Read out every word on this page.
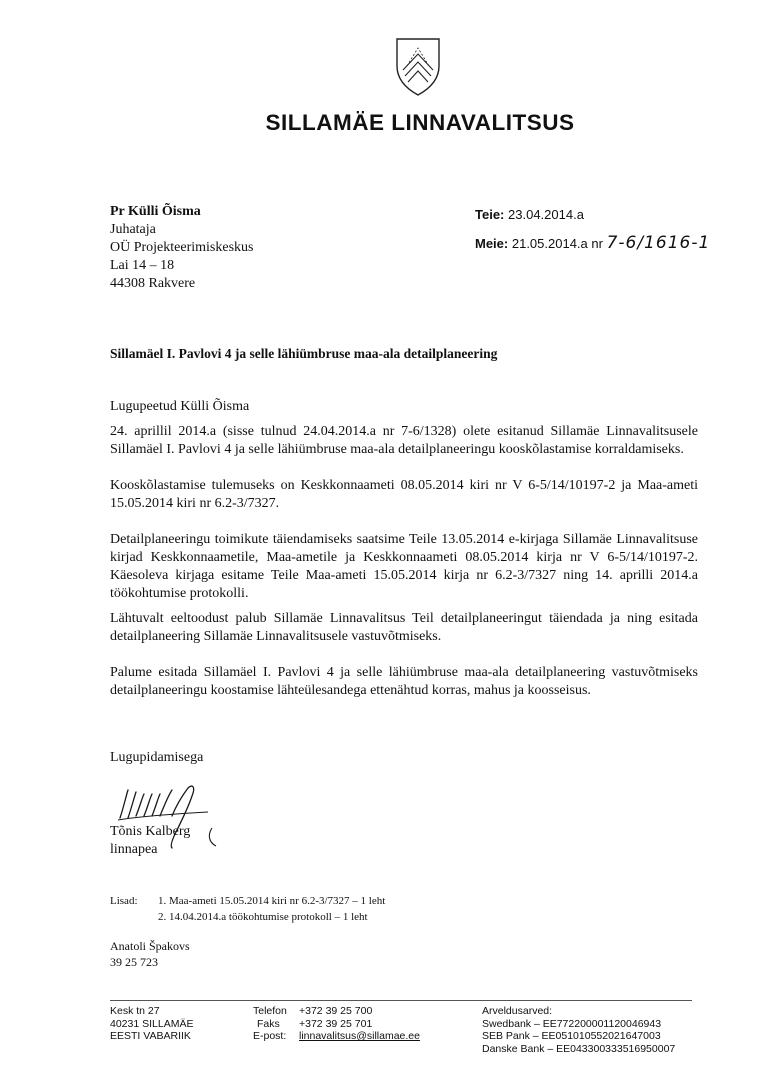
SILLAMÄE LINNAVALITSUS
Pr Külli Õisma
Juhataja
OÜ Projekteerimiskeskus
Lai 14 – 18
44308 Rakvere
Teie: 23.04.2014.a
Meie: 21.05.2014.a nr 7-6/1616-1
Sillamäel I. Pavlovi 4 ja selle lähiümbruse maa-ala detailplaneering

Lugupeetud Külli Õisma

24. aprillil 2014.a (sisse tulnud 24.04.2014.a nr 7-6/1328) olete esitanud Sillamäe Linnavalitsusele Sillamäel I. Pavlovi 4 ja selle lähiümbruse maa-ala detailplaneeringu kooskõlastamise korraldamiseks.

Kooskõlastamise tulemuseks on Keskkonnaameti 08.05.2014 kiri nr V 6-5/14/10197-2 ja Maa-ameti 15.05.2014 kiri nr 6.2-3/7327.

Detailplaneeringu toimikute täiendamiseks saatsime Teile 13.05.2014 e-kirjaga Sillamäe Linnavalitsuse kirjad Keskkonnaametile, Maa-ametile ja Keskkonnaameti 08.05.2014 kirja nr V 6-5/14/10197-2. Käesoleva kirjaga esitame Teile Maa-ameti 15.05.2014 kirja nr 6.2-3/7327 ning 14. aprilli 2014.a töökohtumise protokolli.

Lähtuvalt eeltoodust palub Sillamäe Linnavalitsus Teil detailplaneeringut täiendada ja ning esitada detailplaneering Sillamäe Linnavalitsusele vastuvõtmiseks.

Palume esitada Sillamäel I. Pavlovi 4 ja selle lähiümbruse maa-ala detailplaneering vastuvõtmiseks detailplaneeringu koostamise lähteülesandega ettenähtud korras, mahus ja koosseisus.

Lugupidamisega
Tõnis Kalberg
linnapea
Lisad: 1. Maa-ameti 15.05.2014 kiri nr 6.2-3/7327 – 1 leht
2. 14.04.2014.a töökohtumise protokoll – 1 leht
Anatoli Špakovs
39 25 723
Kesk tn 27
40231 SILLAMÄE
EESTI VABARIIK
Telefon +372 39 25 700
Faks +372 39 25 701
E-post: linnavalitsus@sillamae.ee
Arveldusarved:
Swedbank – EE772200001120046943
SEB Pank – EE051010552021647003
Danske Bank – EE043300333516950007
